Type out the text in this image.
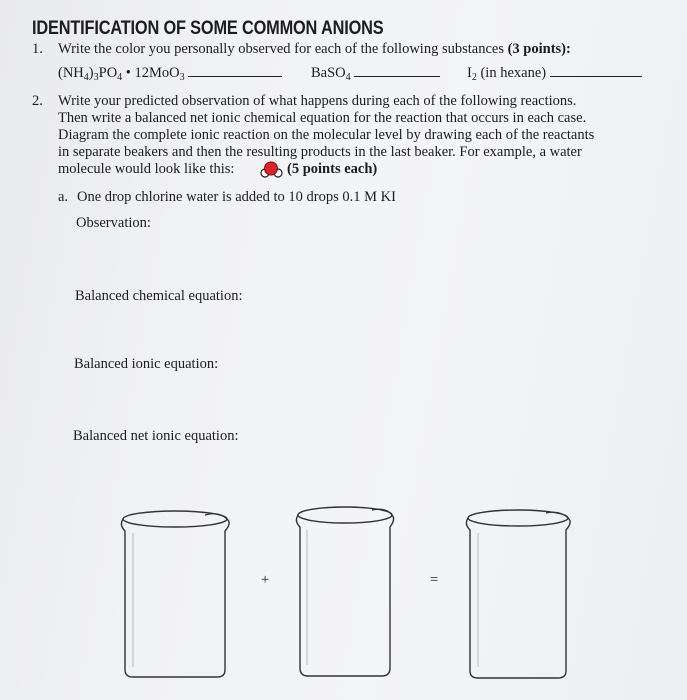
IDENTIFICATION OF SOME COMMON ANIONS
1. Write the color you personally observed for each of the following substances (3 points):
$(NH_4)_3PO_4$ • 12MoO$_3$	BaSO$_4$	$I_2$ (in hexane)
2. Write your predicted observation of what happens during each of the following reactions.
Then write a balanced net ionic chemical equation for the reaction that occurs in each case.
Diagram the complete ionic reaction on the molecular level by drawing each of the reactants
in separate beakers and then the resulting products in the last beaker. For example, a water
molecule would look like this:	(5 points each)
a. One drop chlorine water is added to 10 drops 0.1 M KI
Observation:
Balanced chemical equation:
Balanced ionic equation:
Balanced net ionic equation:
+	=
